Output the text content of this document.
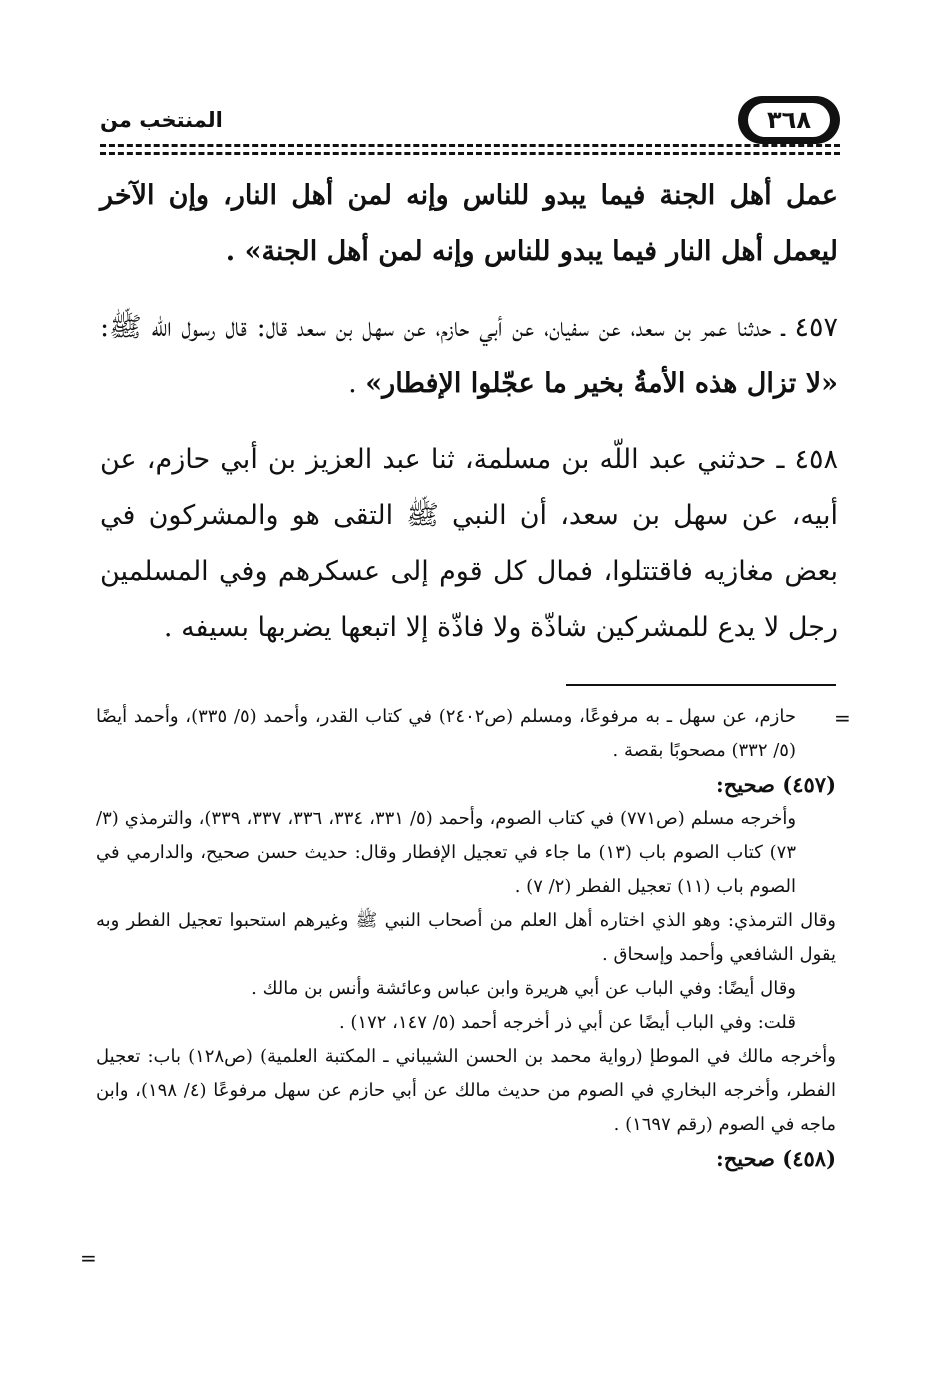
٣٦٨
المنتخب من

عمل أهل الجنة فيما يبدو للناس وإنه لمن أهل النار، وإن الآخر ليعمل أهل النار فيما يبدو للناس وإنه لمن أهل الجنة» .

٤٥٧ ـ حدثنا عمر بن سعد، عن سفيان، عن أبي حازم، عن سهل بن سعد قال: قال رسول اللّه ﷺ: «لا تزال هذه الأمةُ بخير ما عجّلوا الإفطار» .

٤٥٨ ـ حدثني عبد اللّه بن مسلمة، ثنا عبد العزيز بن أبي حازم، عن أبيه، عن سهل بن سعد، أن النبي ﷺ التقى هو والمشركون في بعض مغازيه فاقتتلوا، فمال كل قوم إلى عسكرهم وفي المسلمين رجل لا يدع للمشركين شاذّة ولا فاذّة إلا اتبعها يضربها بسيفه .

=

حازم، عن سهل ـ به مرفوعًا، ومسلم (ص٢٤٠٢) في كتاب القدر، وأحمد (٥/ ٣٣٥)، وأحمد أيضًا (٥/ ٣٣٢) مصحوبًا بقصة .

(٤٥٧) صحيح:

وأخرجه مسلم (ص٧٧١) في كتاب الصوم، وأحمد (٥/ ٣٣١، ٣٣٤، ٣٣٦، ٣٣٧، ٣٣٩)، والترمذي (٣/ ٧٣) كتاب الصوم باب (١٣) ما جاء في تعجيل الإفطار وقال: حديث حسن صحيح، والدارمي في الصوم باب (١١) تعجيل الفطر (٢/ ٧) .

وقال الترمذي: وهو الذي اختاره أهل العلم من أصحاب النبي ﷺ وغيرهم استحبوا تعجيل الفطر وبه يقول الشافعي وأحمد وإسحاق .

وقال أيضًا: وفي الباب عن أبي هريرة وابن عباس وعائشة وأنس بن مالك .

قلت: وفي الباب أيضًا عن أبي ذر أخرجه أحمد (٥/ ١٤٧، ١٧٢) .

وأخرجه مالك في الموطإ (رواية محمد بن الحسن الشيباني ـ المكتبة العلمية) (ص١٢٨) باب: تعجيل الفطر، وأخرجه البخاري في الصوم من حديث مالك عن أبي حازم عن سهل مرفوعًا (٤/ ١٩٨)، وابن ماجه في الصوم (رقم ١٦٩٧) .

(٤٥٨) صحيح:

=
